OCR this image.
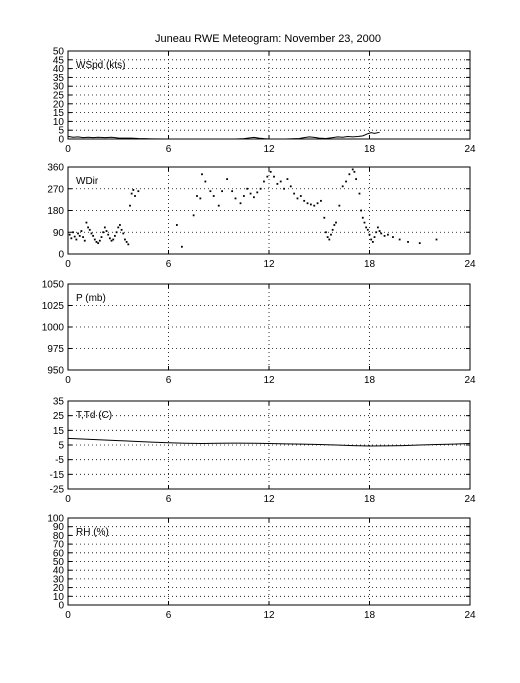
Juneau RWE Meteogram: November 23, 2000
0
5
10
15
20
25
30
35
40
45
50
0	6	12	18	24
WSpd (kts)
0
90
180
270
360
0	6	12	18	24
WDir
950
975
1000
1025
1050
0	6	12	18	24
P (mb)
-25
-15
-5
5
15
25
35
0	6	12	18	24
T,Td (C)
0
10
20
30
40
50
60
70
80
90
100
0	6	12	18	24
RH (%)
